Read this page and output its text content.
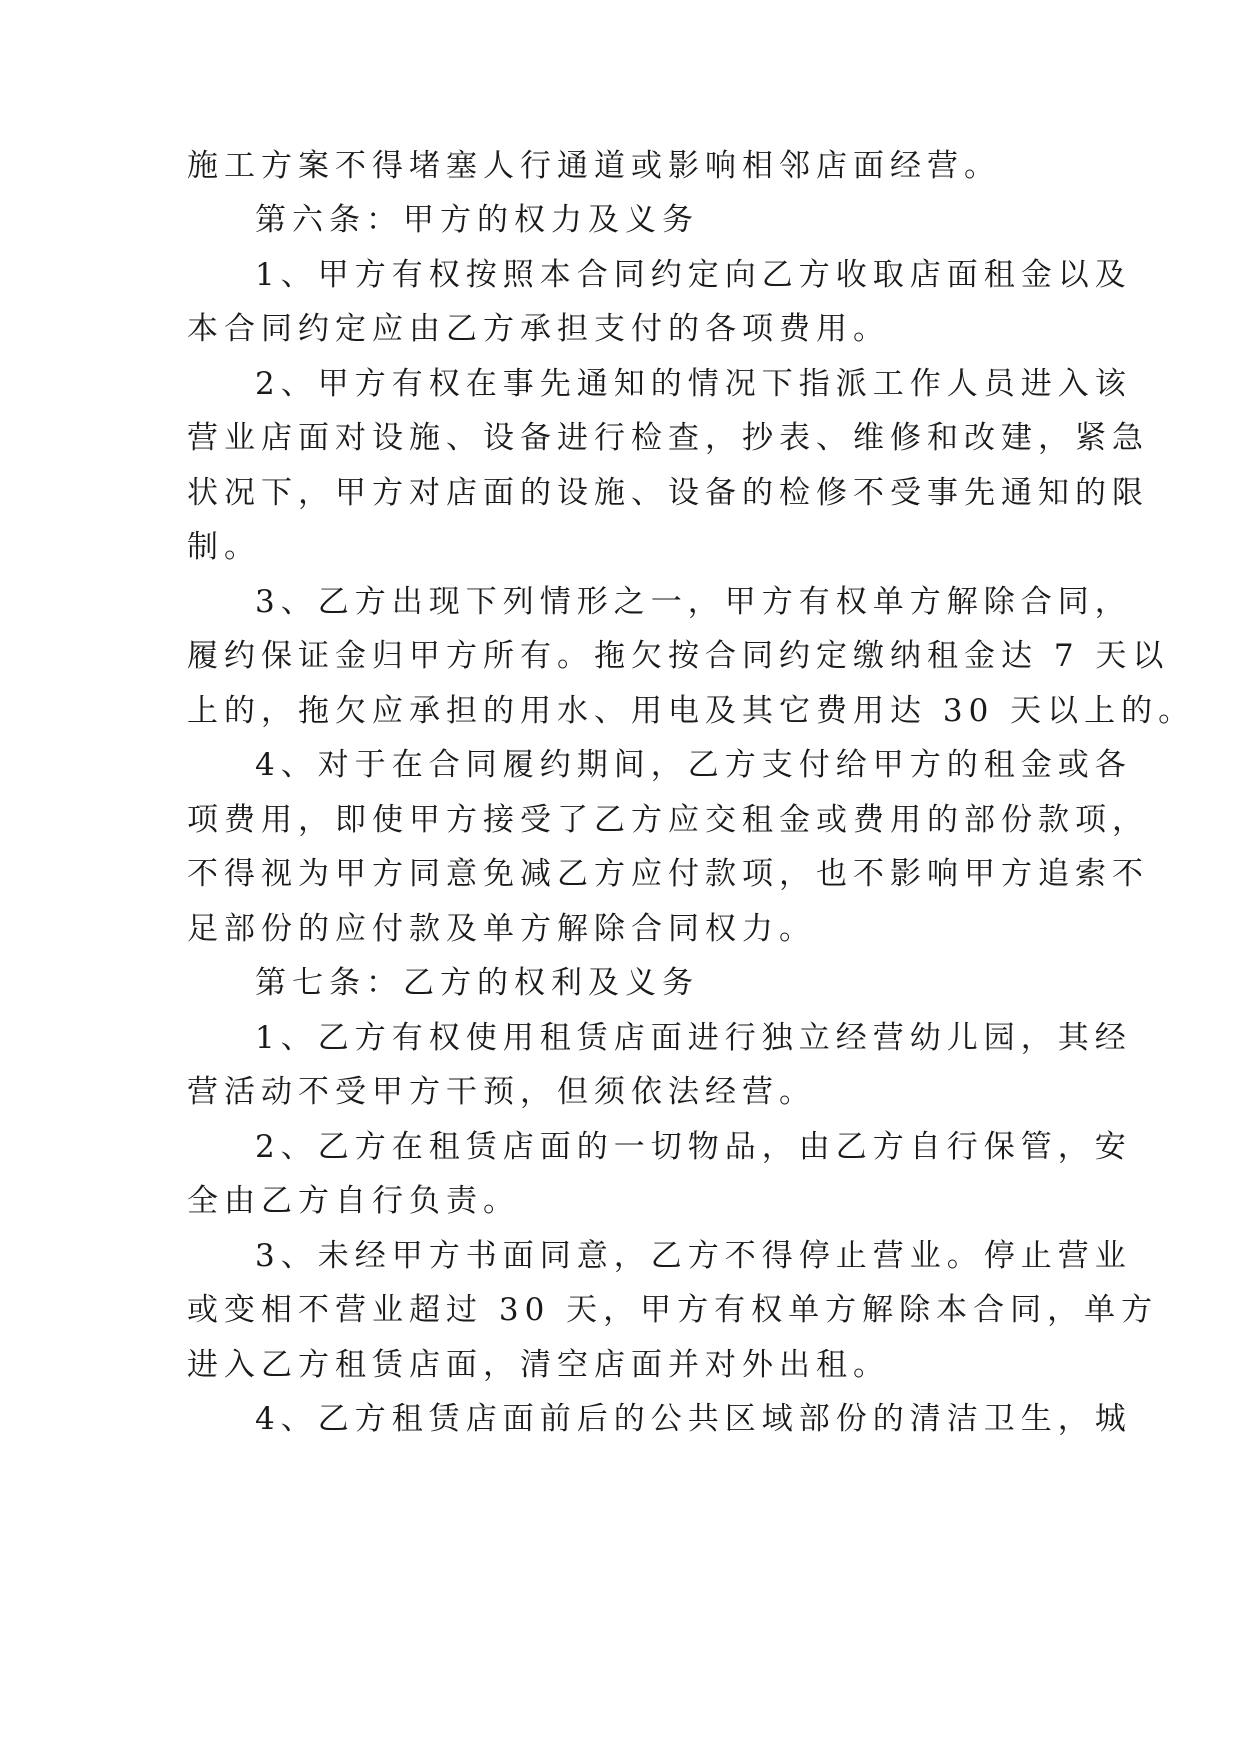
施工方案不得堵塞人行通道或影响相邻店面经营。
第六条：甲方的权力及义务
1、甲方有权按照本合同约定向乙方收取店面租金以及
本合同约定应由乙方承担支付的各项费用。
2、甲方有权在事先通知的情况下指派工作人员进入该
营业店面对设施、设备进行检查，抄表、维修和改建，紧急
状况下，甲方对店面的设施、设备的检修不受事先通知的限
制。
3、乙方出现下列情形之一，甲方有权单方解除合同，
履约保证金归甲方所有。拖欠按合同约定缴纳租金达 7 天以
上的，拖欠应承担的用水、用电及其它费用达 30 天以上的。
4、对于在合同履约期间，乙方支付给甲方的租金或各
项费用，即使甲方接受了乙方应交租金或费用的部份款项，
不得视为甲方同意免减乙方应付款项，也不影响甲方追索不
足部份的应付款及单方解除合同权力。
第七条：乙方的权利及义务
1、乙方有权使用租赁店面进行独立经营幼儿园，其经
营活动不受甲方干预，但须依法经营。
2、乙方在租赁店面的一切物品，由乙方自行保管，安
全由乙方自行负责。
3、未经甲方书面同意，乙方不得停止营业。停止营业
或变相不营业超过 30 天，甲方有权单方解除本合同，单方
进入乙方租赁店面，清空店面并对外出租。
4、乙方租赁店面前后的公共区域部份的清洁卫生，城
